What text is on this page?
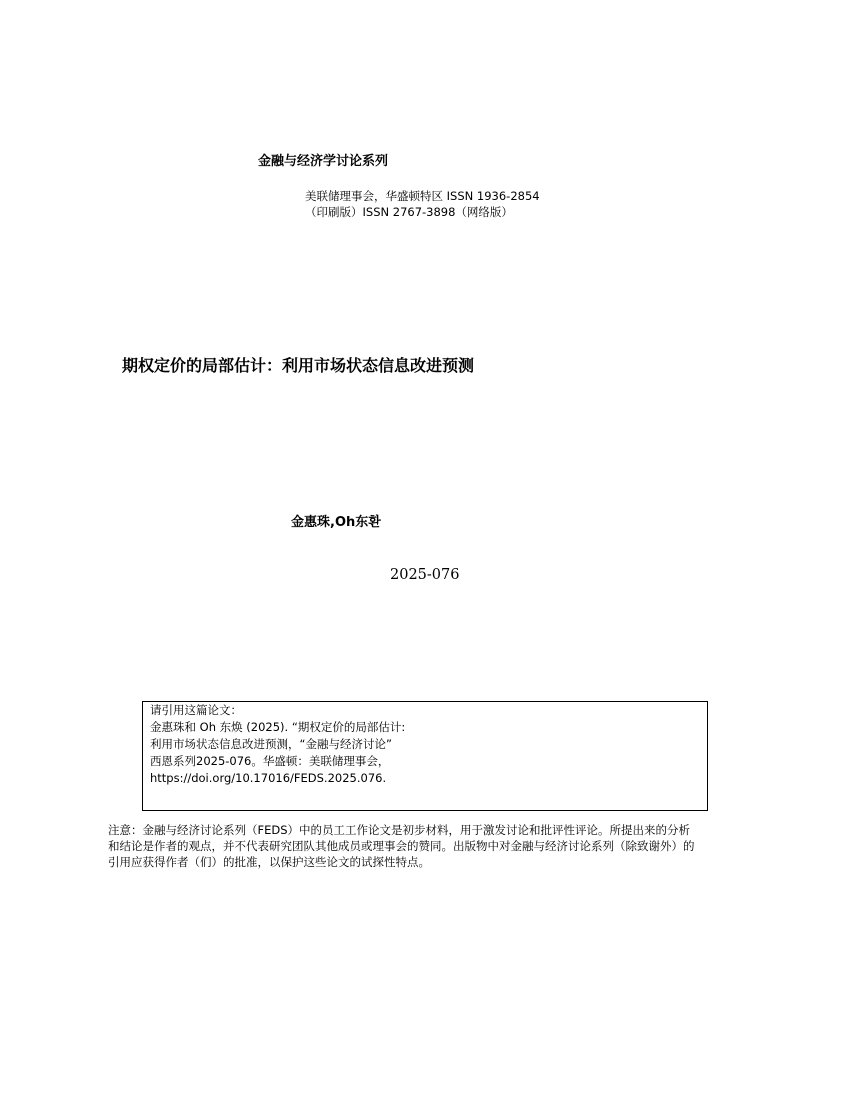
金融与经济学讨论系列
美联储理事会，华盛顿特区 ISSN 1936-2854
（印刷版）ISSN 2767-3898（网络版）
期权定价的局部估计：利用市场状态信息改进预测
金惠珠,Oh东환
2025-076
请引用这篇论文：
金惠珠和 Oh 东焕 (2025). “期权定价的局部估计:
利用市场状态信息改进预测，“金融与经济讨论”
西恩系列2025-076。华盛顿：美联储理事会，
https://doi.org/10.17016/FEDS.2025.076.
注意：金融与经济讨论系列（FEDS）中的员工工作论文是初步材料，用于激发讨论和批评性评论。所提出来的分析
和结论是作者的观点，并不代表研究团队其他成员或理事会的赞同。出版物中对金融与经济讨论系列（除致谢外）的
引用应获得作者（们）的批准，以保护这些论文的试探性特点。
